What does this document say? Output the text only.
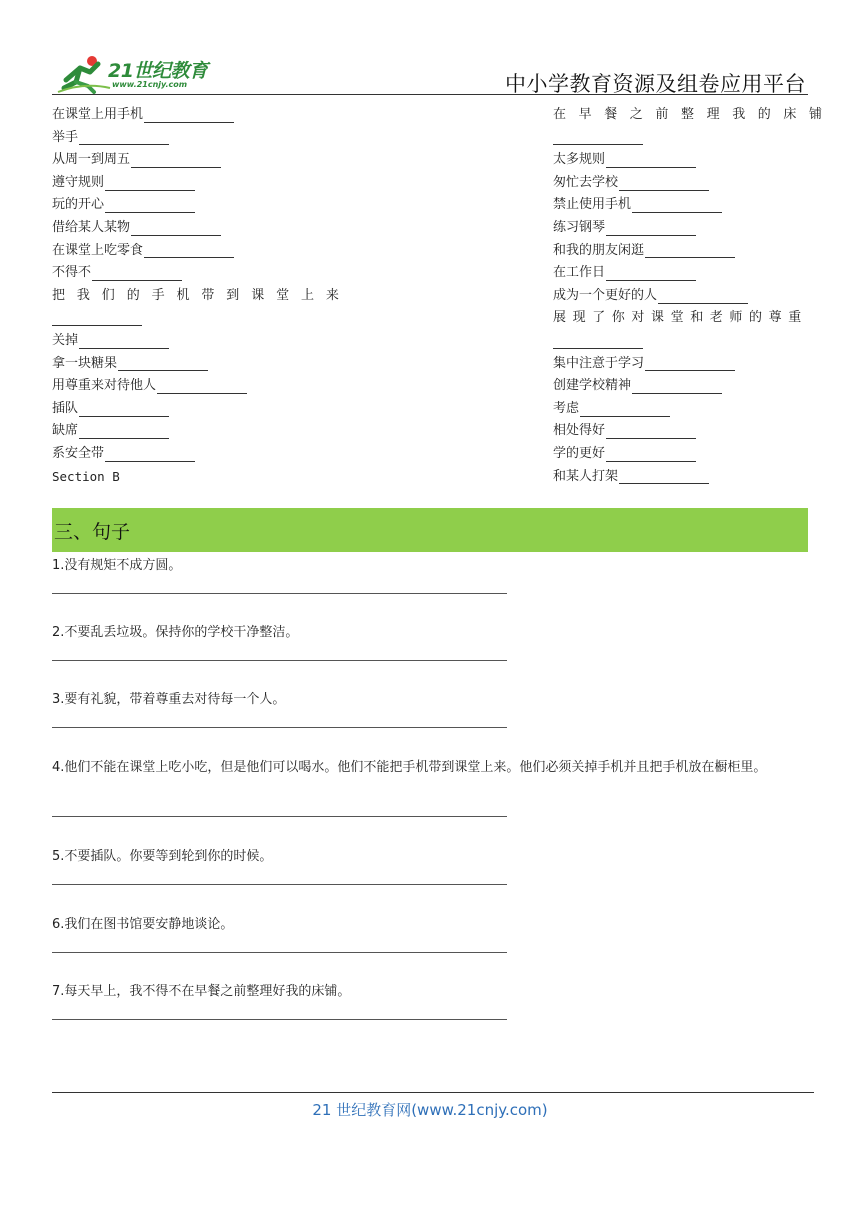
21世纪教育
www.21cnjy.com	中小学教育资源及组卷应用平台
在课堂上用手机
举手
从周一到周五
遵守规则
玩的开心
借给某人某物
在课堂上吃零食
不得不
把我们的手机带到课堂上来
关掉
拿一块糖果
用尊重来对待他人
插队
缺席
系安全带
Section B
在早餐之前整理我的床铺
太多规则
匆忙去学校
禁止使用手机
练习钢琴
和我的朋友闲逛
在工作日
成为一个更好的人
展现了你对课堂和老师的尊重
集中注意于学习
创建学校精神
考虑
相处得好
学的更好
和某人打架
三、句子
1.没有规矩不成方圆。
2.不要乱丢垃圾。保持你的学校干净整洁。
3.要有礼貌，带着尊重去对待每一个人。
4.他们不能在课堂上吃小吃，但是他们可以喝水。他们不能把手机带到课堂上来。他们必须关掉手机并且把手机放在橱柜里。
5.不要插队。你要等到轮到你的时候。
6.我们在图书馆要安静地谈论。
7.每天早上，我不得不在早餐之前整理好我的床铺。
21 世纪教育网(www.21cnjy.com)
